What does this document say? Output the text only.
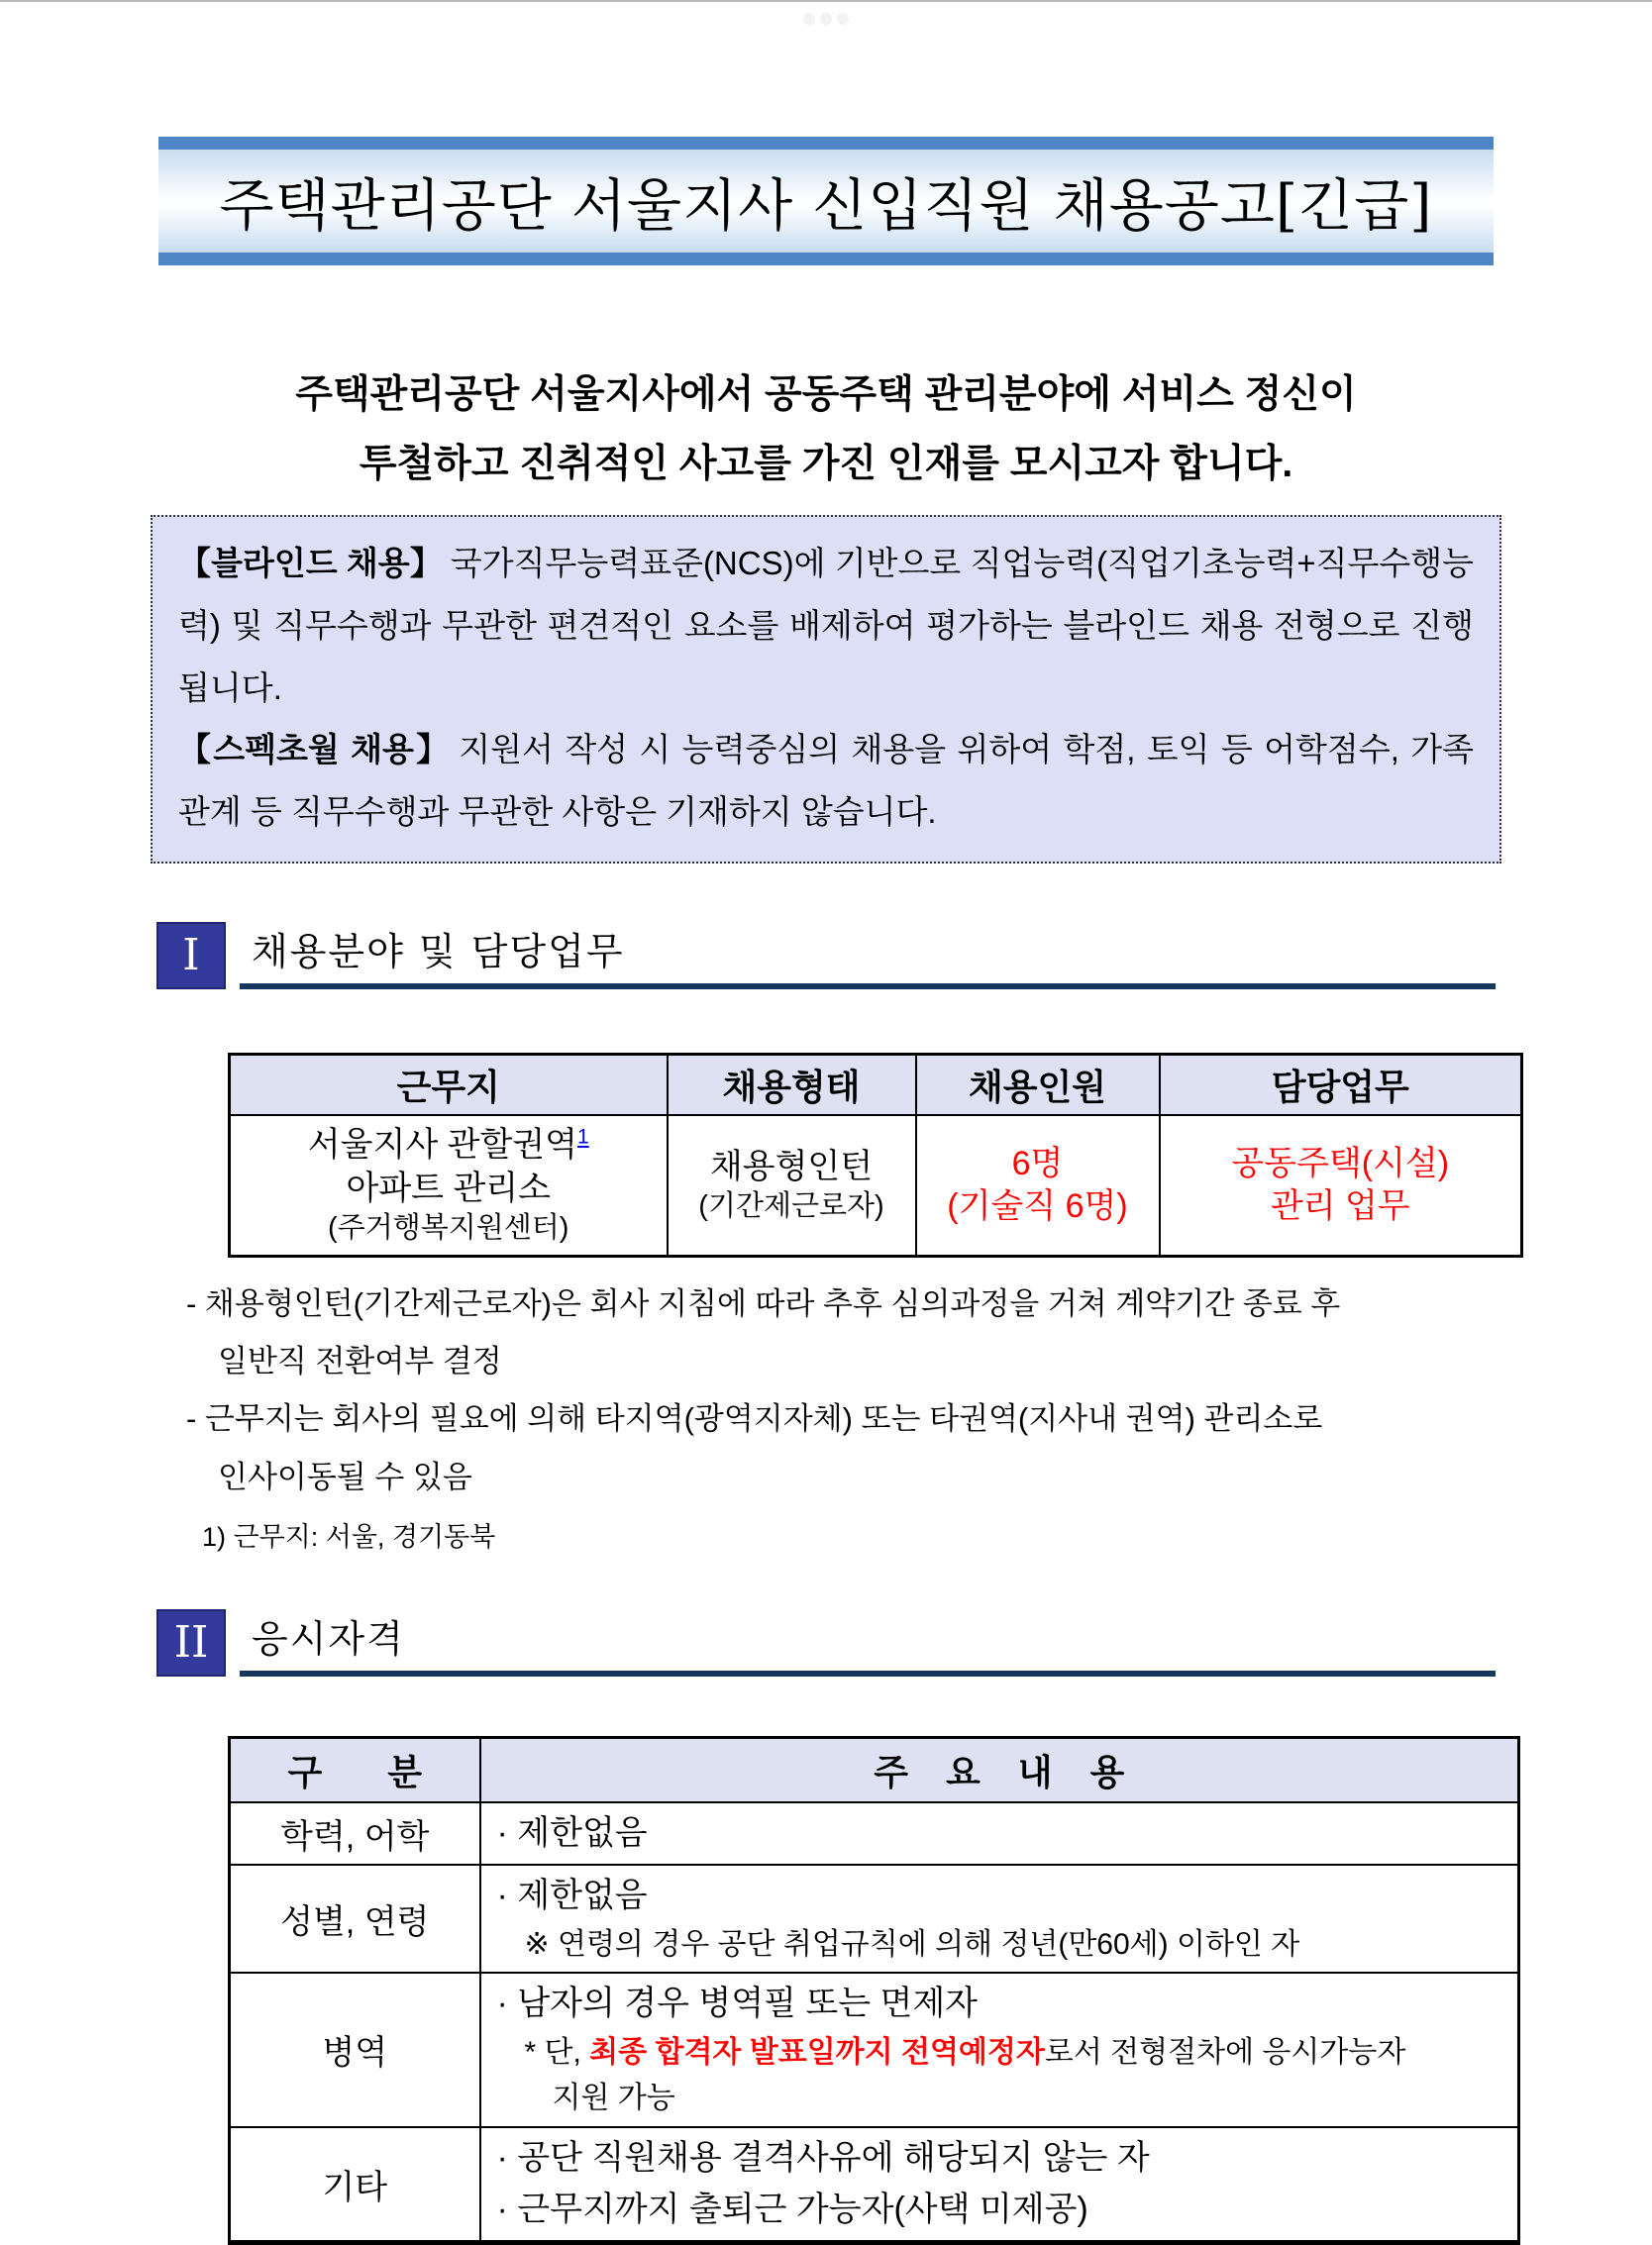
주택관리공단 서울지사 신입직원 채용공고[긴급]
주택관리공단 서울지사에서 공동주택 관리분야에 서비스 정신이
투철하고 진취적인 사고를 가진 인재를 모시고자 합니다.

【블라인드 채용】 국가직무능력표준(NCS)에 기반으로 직업능력(직업기초능력+직무수행능력) 및 직무수행과 무관한 편견적인 요소를 배제하여 평가하는 블라인드 채용 전형으로 진행됩니다.

【스펙초월 채용】 지원서 작성 시 능력중심의 채용을 위하여 학점, 토익 등 어학점수, 가족관계 등 직무수행과 무관한 사항은 기재하지 않습니다.

I	채용분야 및 담당업무
근무지	채용형태	채용인원	담당업무

서울지사 관할권역$^1$
아파트 관리소
(주거행복지원센터)

채용형인턴
(기간제근로자)

6명
(기술직 6명)

공동주택(시설)
관리 업무
- 채용형인턴(기간제근로자)은 회사 지침에 따라 추후 심의과정을 거쳐 계약기간 종료 후
일반직 전환여부 결정
- 근무지는 회사의 필요에 의해 타지역(광역지자체) 또는 타권역(지사내 권역) 관리소로
인사이동될 수 있음
1) 근무지: 서울, 경기동북
II	응시자격
구 분	주 요 내 용
학력, 어학	· 제한없음

성별, 연령	· 제한없음
※ 연령의 경우 공단 취업규칙에 의해 정년(만60세) 이하인 자

병역	· 남자의 경우 병역필 또는 면제자
* 단, 최종 합격자 발표일까지 전역예정자로서 전형절차에 응시가능자
지원 가능

기타	· 공단 직원채용 결격사유에 해당되지 않는 자
· 근무지까지 출퇴근 가능자(사택 미제공)
